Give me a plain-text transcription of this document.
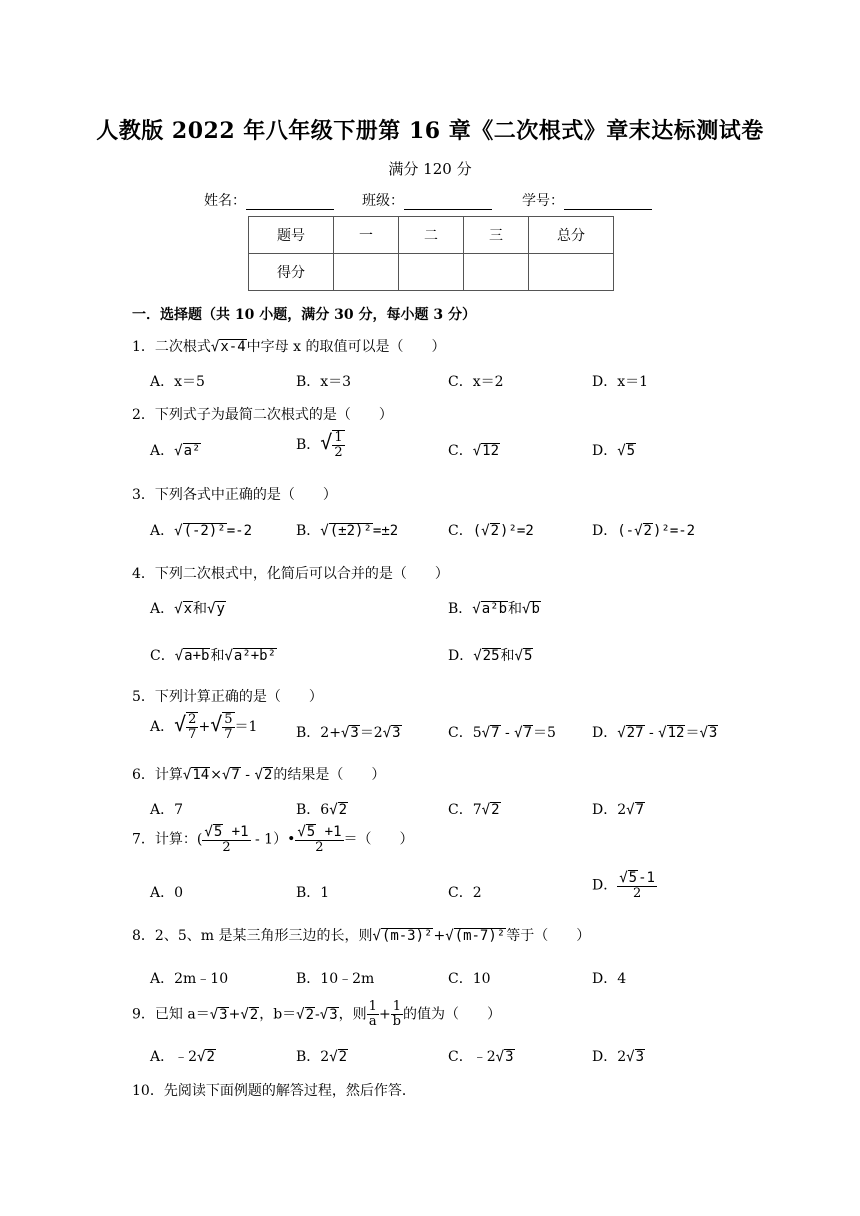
人教版 2022 年八年级下册第 16 章《二次根式》章末达标测试卷
满分 120 分
姓名：	班级：	学号：
题号	一	二	三	总分
得分				
一．选择题（共 10 小题，满分 30 分，每小题 3 分）
1．二次根式√x-4中字母 x 的取值可以是（　　）
A．x＝5	B．x＝3	C．x＝2	D．x＝1
2．下列式子为最简二次根式的是（　　）
A．√a²	B．√ $\frac{1}{2}$	C．√12	D．√5
3．下列各式中正确的是（　　）
A．√(-2)²=-2	B．√(±2)²=±2	C．(√2)²=2	D．(-√2)²=-2
4．下列二次根式中，化简后可以合并的是（　　）
A．√x和√y	B．√a²b和√b
C．√a+b和√a²+b²	D．√25和√5
5．下列计算正确的是（　　）
A．√ $\frac{2}{7}$ +√ $\frac{5}{7} =1$	B．2+√3＝2√3	C．5√7 - √7＝5	D．√27 - √12＝√3
6．计算√14×√7 - √2的结果是（　　）
A．7	B．6√2	C．7√2	D．2√7
7．计算：( $\frac{√5 +1}{2}$ - 1）• $\frac{√5 +1}{2}$ ＝（　　）
A．0	B．1	C．2	D． $\frac{√5-1}{2}$
8．2、5、m 是某三角形三边的长，则√(m-3)²+√(m-7)²等于（　　）
A．2m﹣10	B．10﹣2m	C．10	D．4
9．已知 a＝√3+√2，b＝√2-√3，则 $\frac{1}{a} + \frac{1}{b}$ 的值为（　　）
A．﹣2√2	B．2√2	C．﹣2√3	D．2√3
10．先阅读下面例题的解答过程，然后作答．
